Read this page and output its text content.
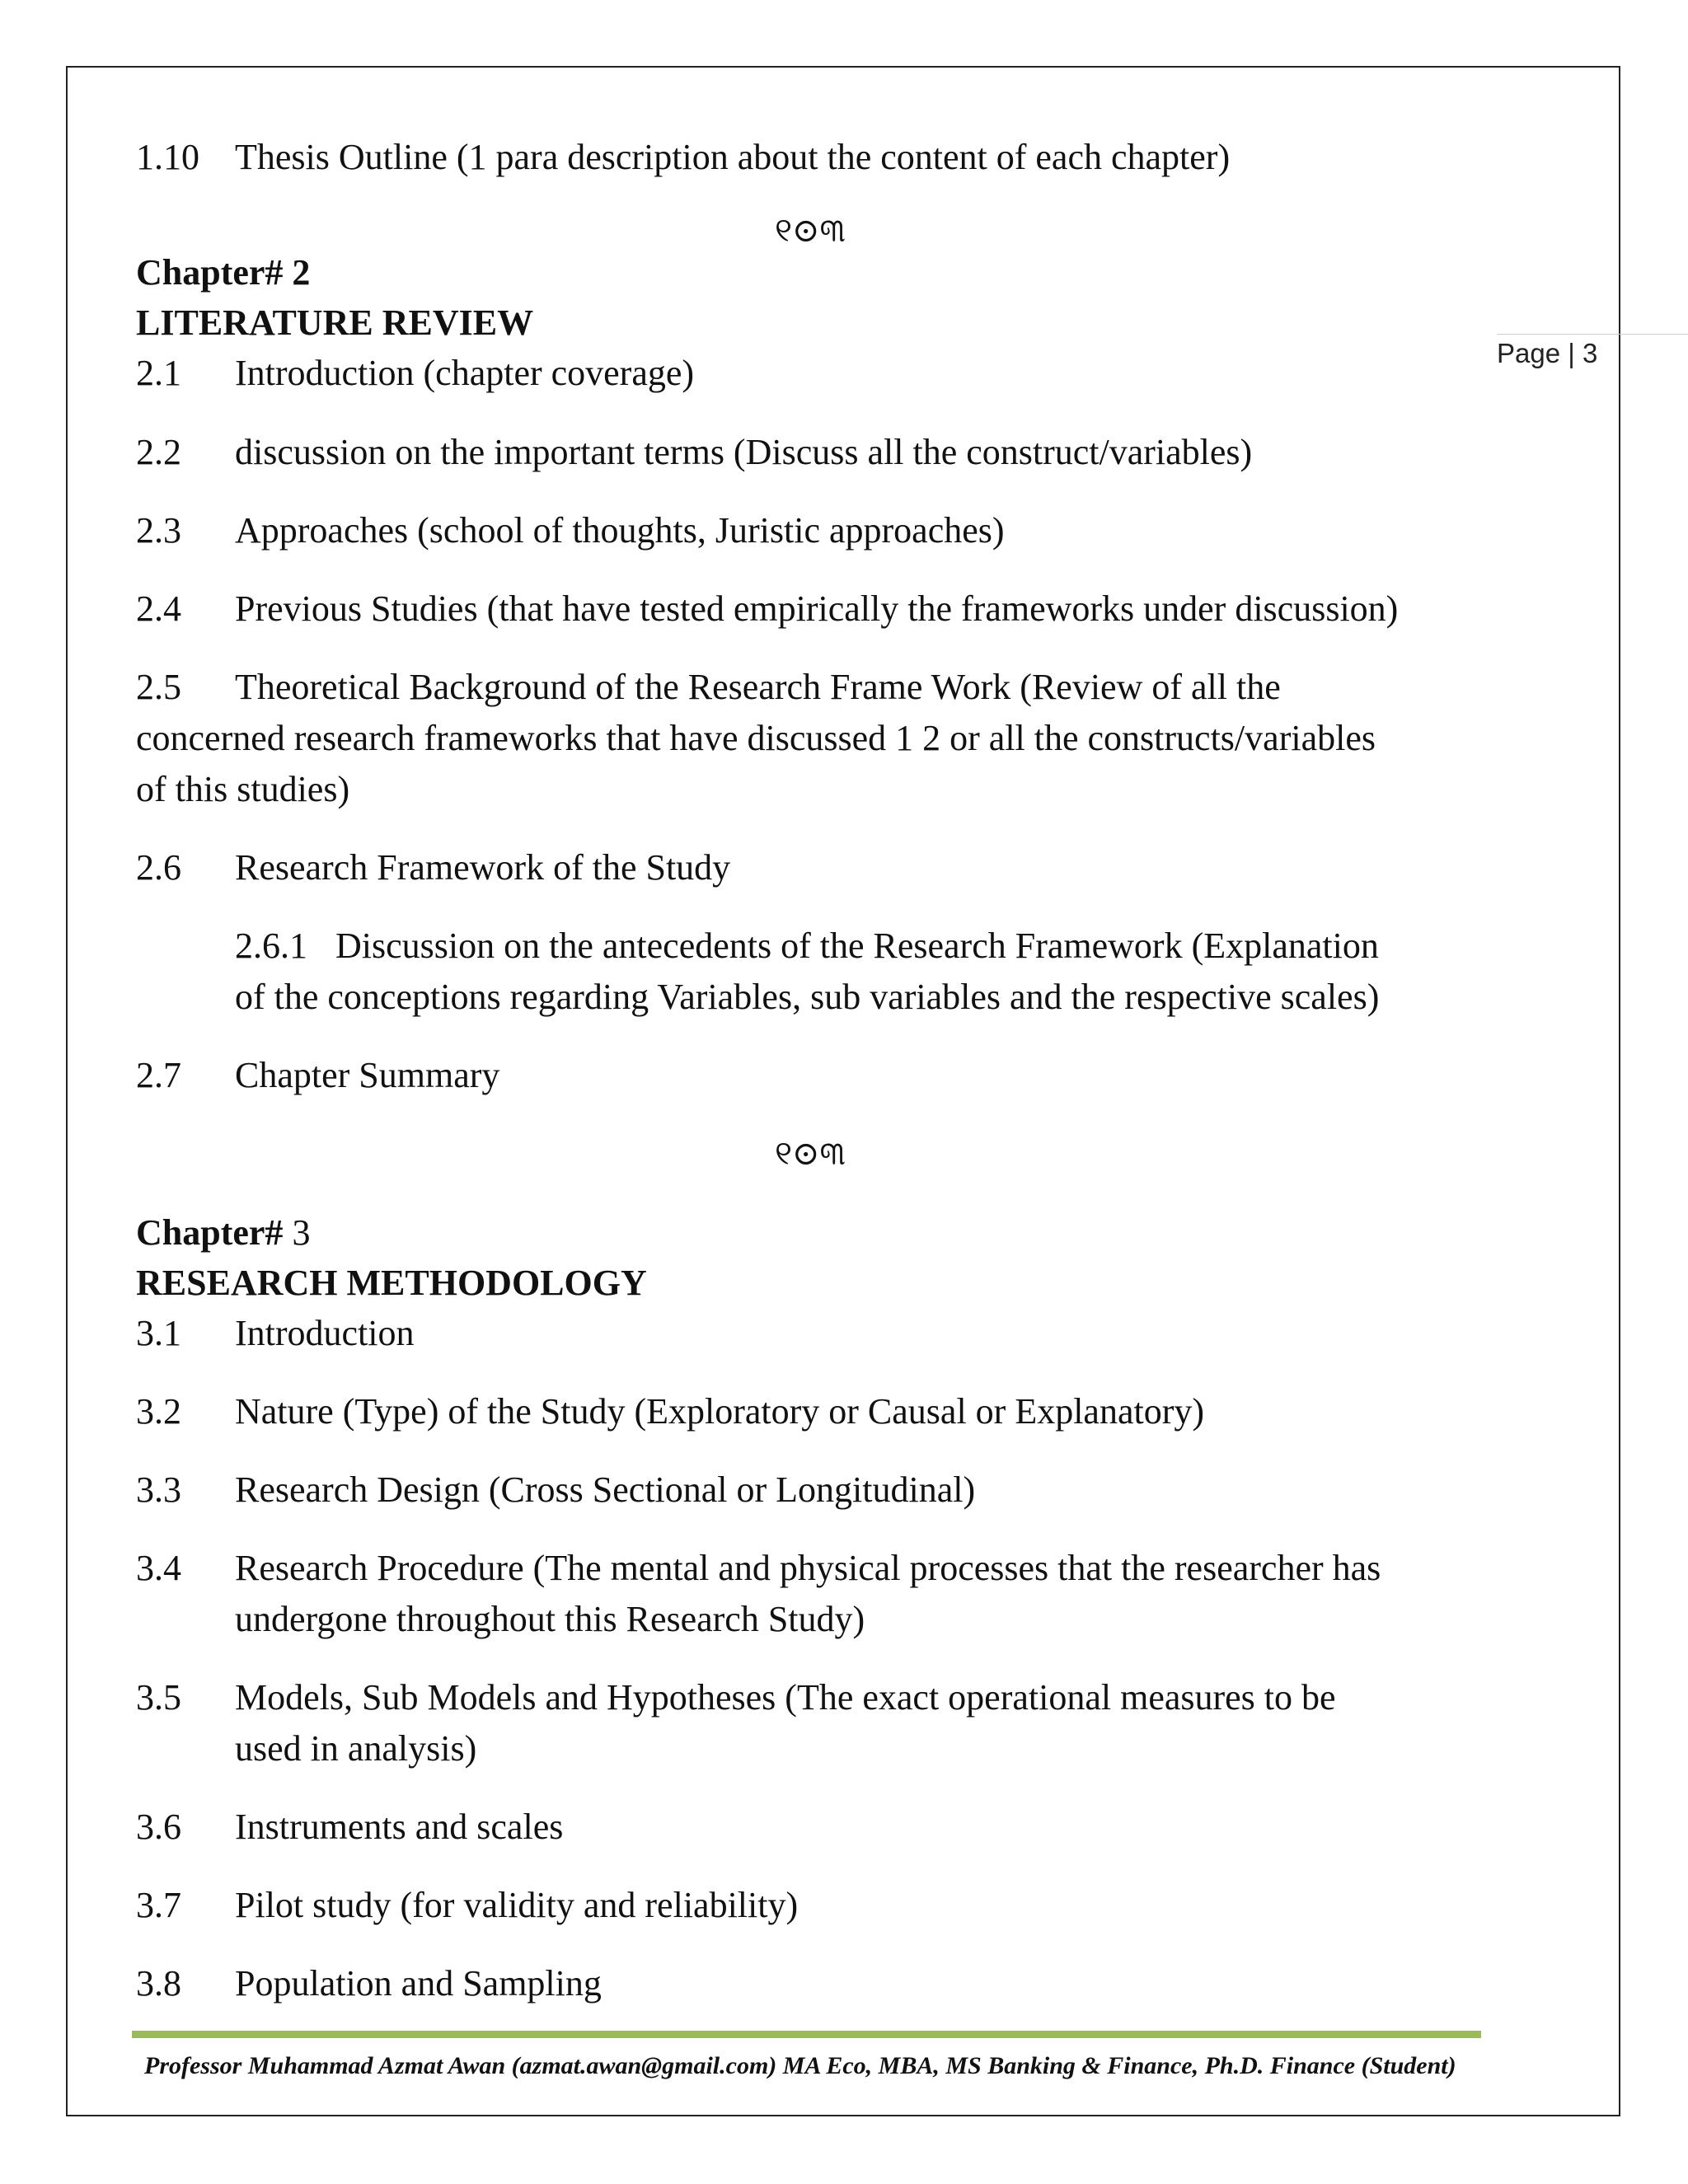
Page | 3
1.10 Thesis Outline (1 para description about the content of each chapter)
୧⊙୩
Chapter# 2
LITERATURE REVIEW
2.1 Introduction (chapter coverage)
2.2 discussion on the important terms (Discuss all the construct/variables)
2.3 Approaches (school of thoughts, Juristic approaches)
2.4 Previous Studies (that have tested empirically the frameworks under discussion)
2.5 Theoretical Background of the Research Frame Work (Review of all the
concerned research frameworks that have discussed 1 2 or all the constructs/variables
of this studies)
2.6 Research Framework of the Study
2.6.1 Discussion on the antecedents of the Research Framework (Explanation
of the conceptions regarding Variables, sub variables and the respective scales)
2.7 Chapter Summary
୧⊙୩
Chapter# 3
RESEARCH METHODOLOGY
3.1 Introduction
3.2 Nature (Type) of the Study (Exploratory or Causal or Explanatory)
3.3 Research Design (Cross Sectional or Longitudinal)
3.4 Research Procedure (The mental and physical processes that the researcher has
undergone throughout this Research Study)
3.5 Models, Sub Models and Hypotheses (The exact operational measures to be
used in analysis)
3.6 Instruments and scales
3.7 Pilot study (for validity and reliability)
3.8 Population and Sampling
Professor Muhammad Azmat Awan (azmat.awan@gmail.com) MA Eco, MBA, MS Banking & Finance, Ph.D. Finance (Student)
